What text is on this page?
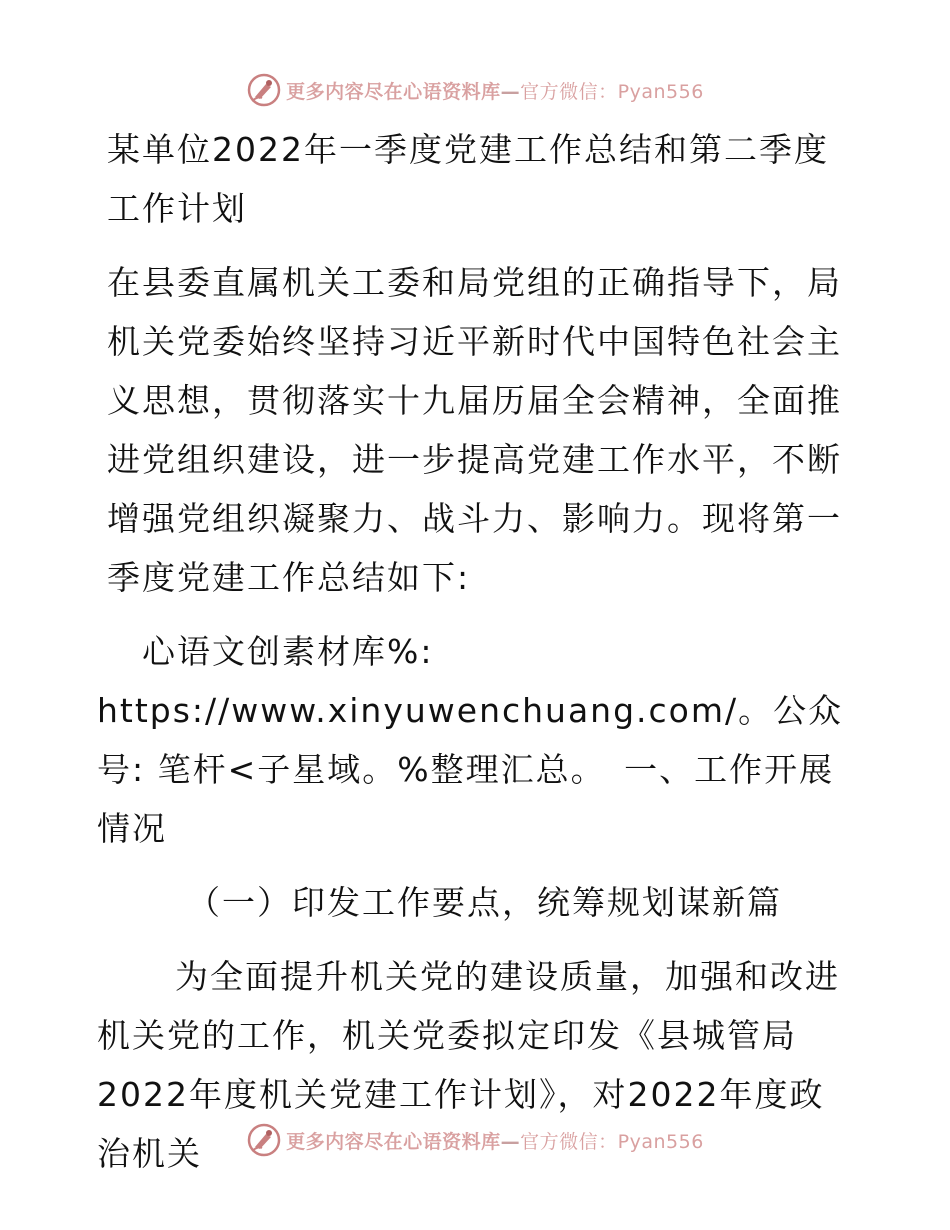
更多内容尽在心语资料库—官方微信：Pyan556

某单位2022年一季度党建工作总结和第二季度工作计划

在县委直属机关工委和局党组的正确指导下，局机关党委始终坚持习近平新时代中国特色社会主义思想，贯彻落实十九届历届全会精神，全面推进党组织建设，进一步提高党建工作水平，不断增强党组织凝聚力、战斗力、影响力。现将第一季度党建工作总结如下:

心语文创素材库%: https://www.xinyuwenchuang.com/。公众号: 笔杆<子星域。%整理汇总。　一、工作开展情况

（一）印发工作要点，统筹规划谋新篇

为全面提升机关党的建设质量，加强和改进机关党的工作，机关党委拟定印发《县城管局2022年度机关党建工作计划》，对2022年度政治机关	更多内容尽在心语资料库—官方微信：Pyan556
